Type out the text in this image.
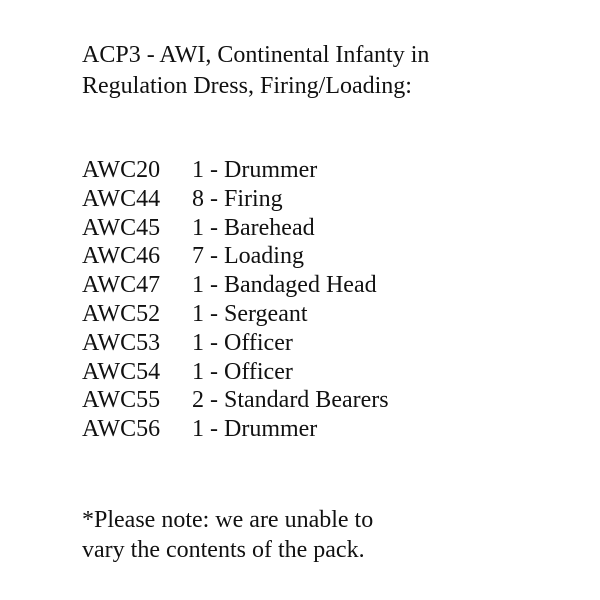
ACP3 - AWI, Continental Infanty in
Regulation Dress, Firing/Loading:
AWC20 1 - Drummer
AWC44 8 - Firing
AWC45 1 - Barehead
AWC46 7 - Loading
AWC47 1 - Bandaged Head
AWC52 1 - Sergeant
AWC53 1 - Officer
AWC54 1 - Officer
AWC55 2 - Standard Bearers
AWC56 1 - Drummer
*Please note: we are unable to
vary the contents of the pack.
